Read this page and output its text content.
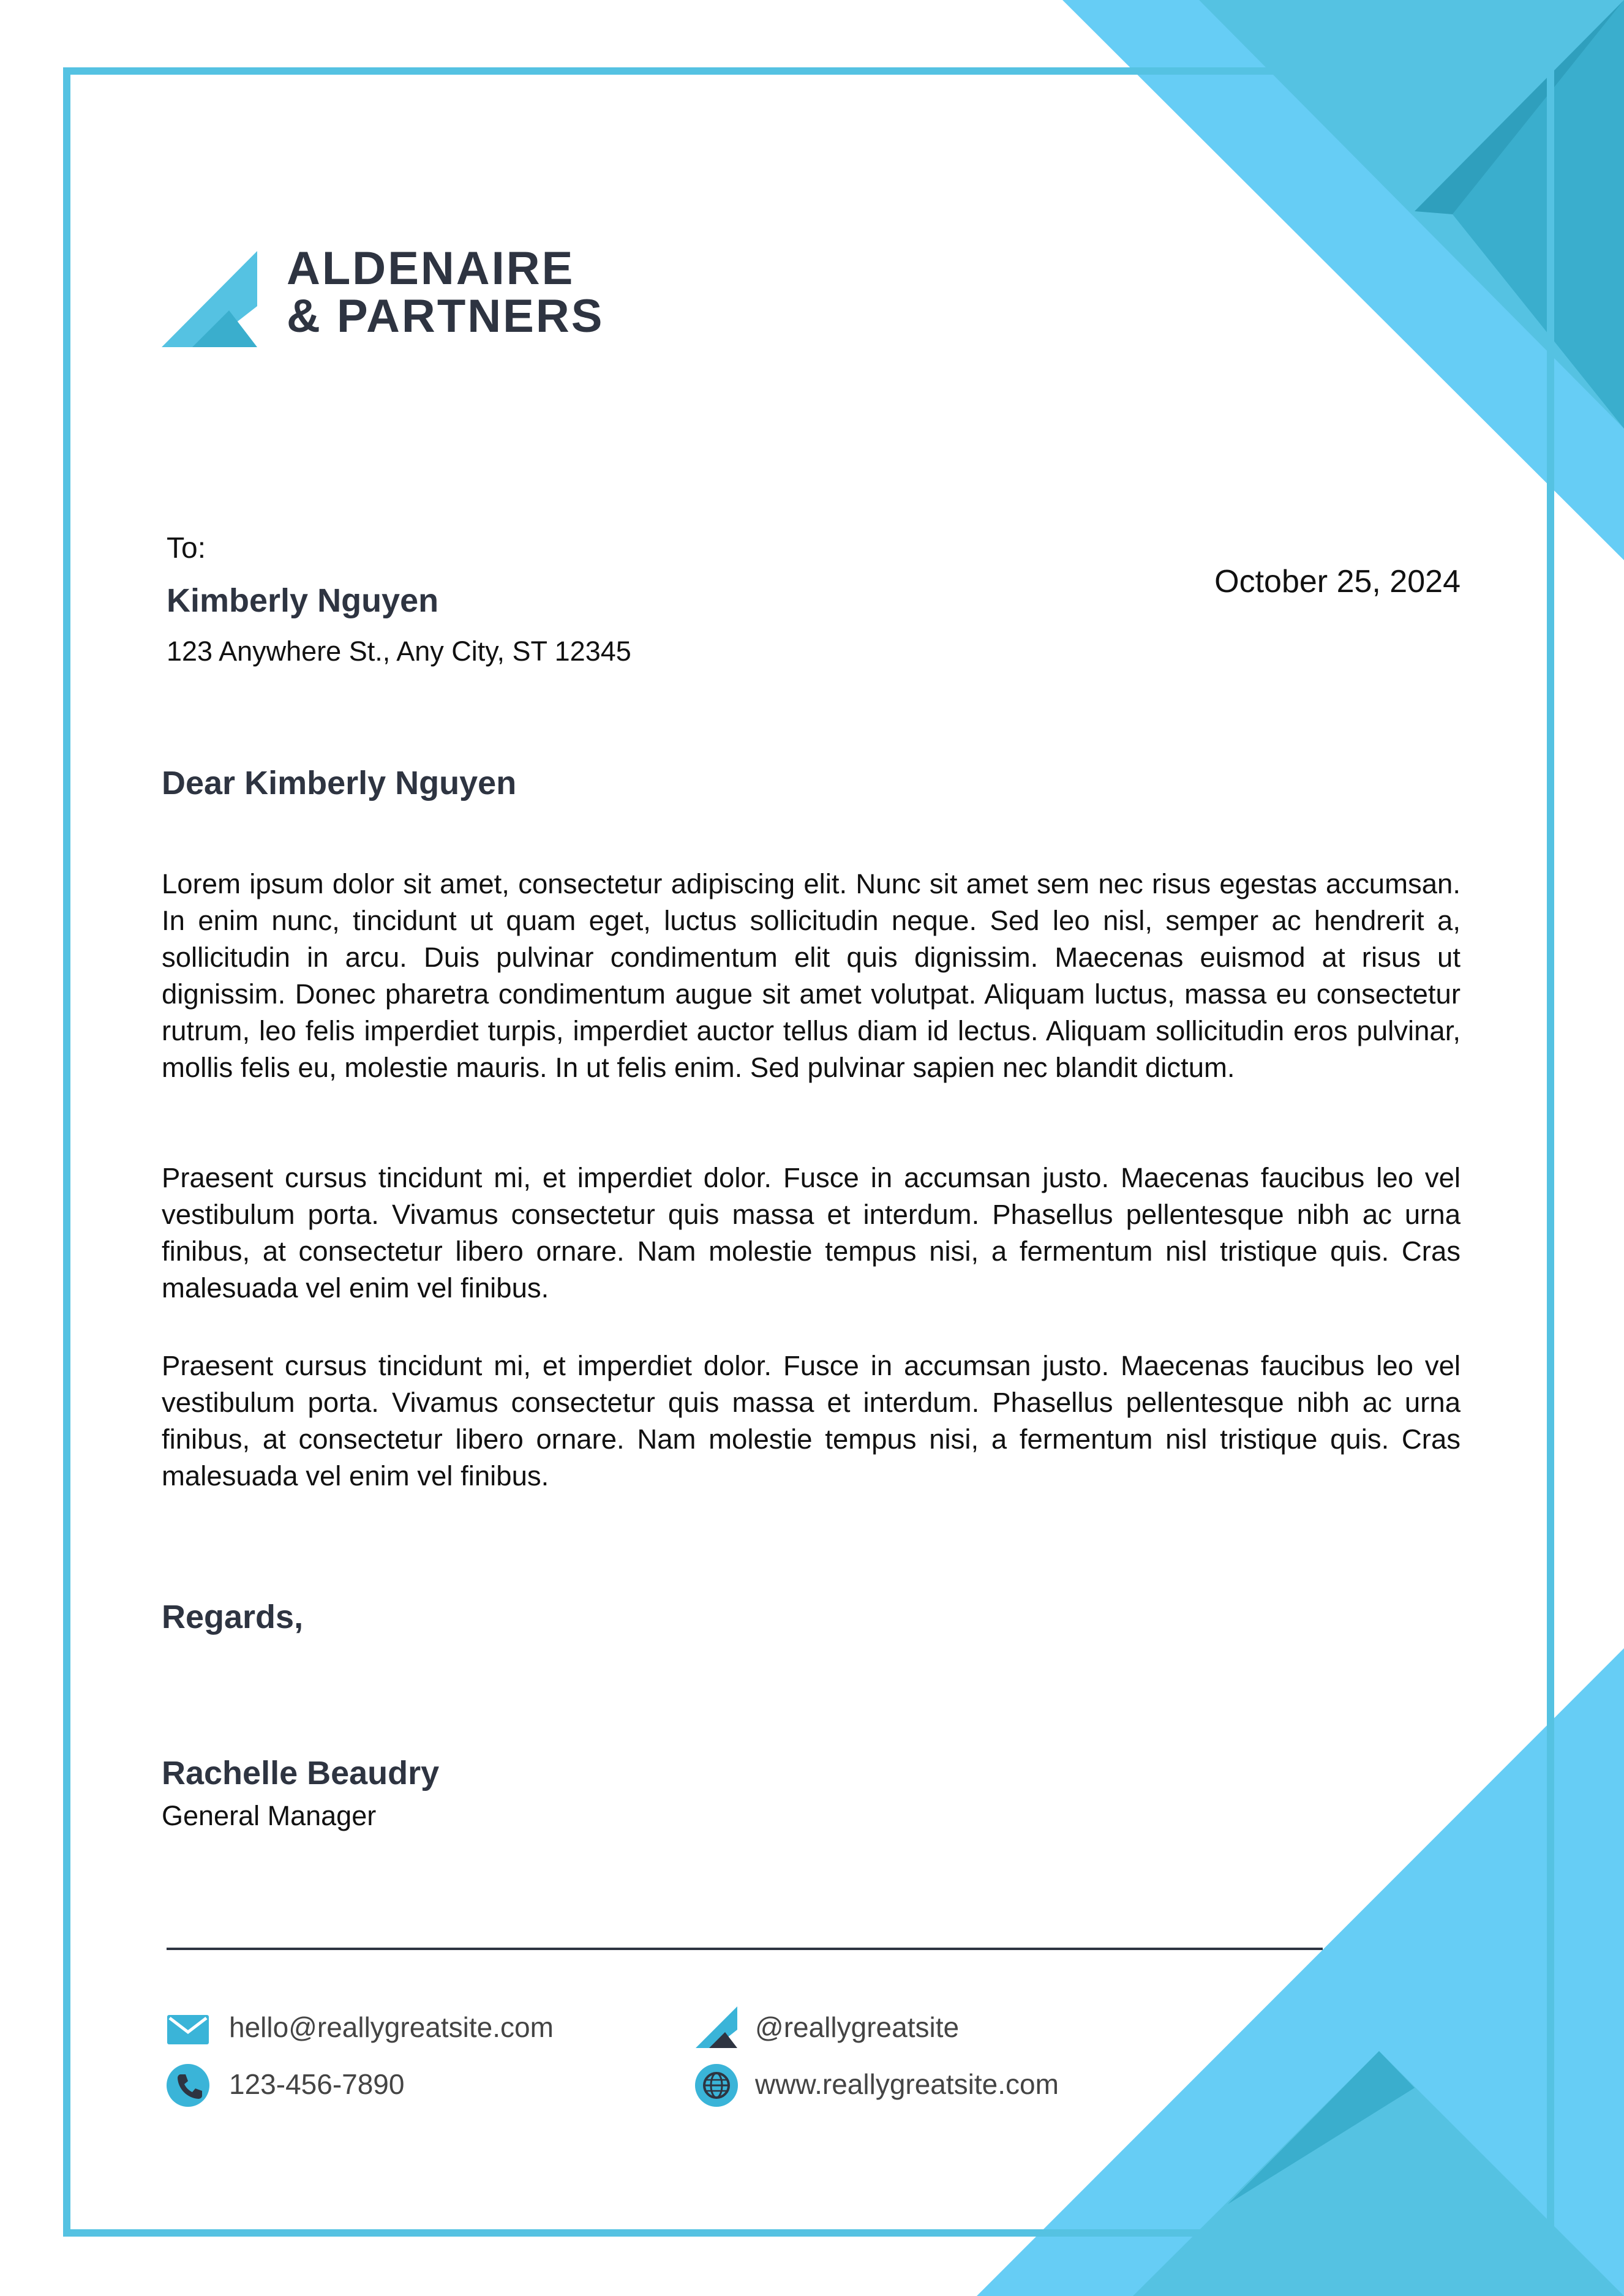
ALDENAIRE
& PARTNERS
To:
Kimberly Nguyen
123 Anywhere St., Any City, ST 12345
October 25, 2024
Dear Kimberly Nguyen
Lorem ipsum dolor sit amet, consectetur adipiscing elit. Nunc sit amet sem nec risus egestas accumsan. In enim nunc, tincidunt ut quam eget, luctus sollicitudin neque. Sed leo nisl, semper ac hendrerit a, sollicitudin in arcu. Duis pulvinar condimentum elit quis dignissim. Maecenas euismod at risus ut dignissim. Donec pharetra condimentum augue sit amet volutpat. Aliquam luctus, massa eu consectetur rutrum, leo felis imperdiet turpis, imperdiet auctor tellus diam id lectus. Aliquam sollicitudin eros pulvinar, mollis felis eu, molestie mauris. In ut felis enim. Sed pulvinar sapien nec blandit dictum.
Praesent cursus tincidunt mi, et imperdiet dolor. Fusce in accumsan justo. Maecenas faucibus leo vel vestibulum porta. Vivamus consectetur quis massa et interdum. Phasellus pellentesque nibh ac urna finibus, at consectetur libero ornare. Nam molestie tempus nisi, a fermentum nisl tristique quis. Cras malesuada vel enim vel finibus.
Praesent cursus tincidunt mi, et imperdiet dolor. Fusce in accumsan justo. Maecenas faucibus leo vel vestibulum porta. Vivamus consectetur quis massa et interdum. Phasellus pellentesque nibh ac urna finibus, at consectetur libero ornare. Nam molestie tempus nisi, a fermentum nisl tristique quis. Cras malesuada vel enim vel finibus.
Regards,
Rachelle Beaudry
General Manager
hello@reallygreatsite.com
123-456-7890
@reallygreatsite
www.reallygreatsite.com
